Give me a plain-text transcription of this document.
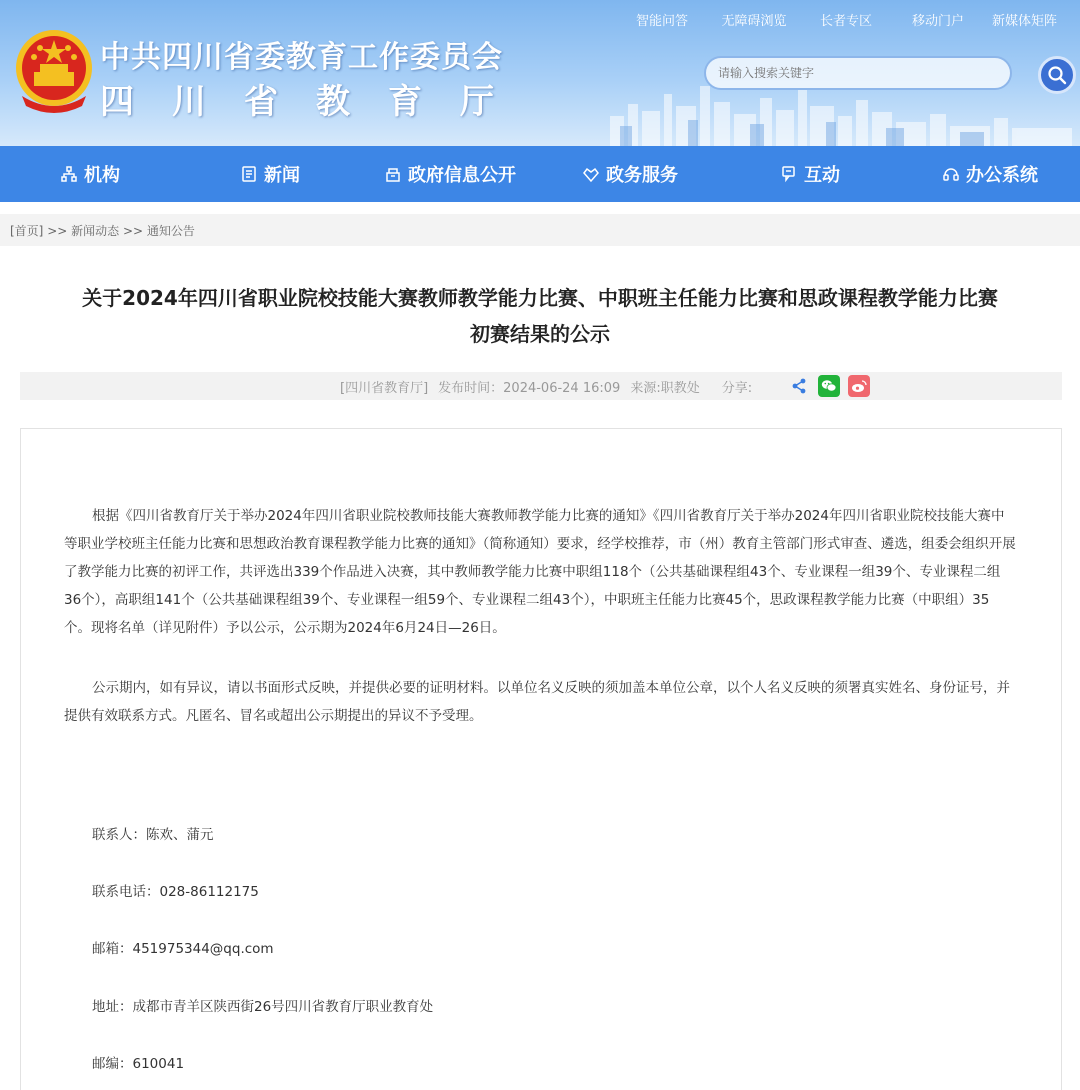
中共四川省委教育工作委员会
四川省教育厅
智能问答	无障碍浏览	长者专区	移动门户	新媒体矩阵
请输入搜索关键字
机构	新闻	政府信息公开	政务服务	互动	办公系统
[首页] >> 新闻动态 >> 通知公告
关于2024年四川省职业院校技能大赛教师教学能力比赛、中职班主任能力比赛和思政课程教学能力比赛
初赛结果的公示
[四川省教育厅] 发布时间：2024-06-24 16:09 来源:职教处 分享:
根据《四川省教育厅关于举办2024年四川省职业院校教师技能大赛教师教学能力比赛的通知》《四川省教育厅关于举办2024年四川省职业院校技能大赛中等职业学校班主任能力比赛和思想政治教育课程教学能力比赛的通知》（简称通知）要求，经学校推荐，市（州）教育主管部门形式审查、遴选，组委会组织开展了教学能力比赛的初评工作，共评选出339个作品进入决赛，其中教师教学能力比赛中职组118个（公共基础课程组43个、专业课程一组39个、专业课程二组36个），高职组141个（公共基础课程组39个、专业课程一组59个、专业课程二组43个），中职班主任能力比赛45个，思政课程教学能力比赛（中职组）35个。现将名单（详见附件）予以公示，公示期为2024年6月24日—26日。
公示期内，如有异议，请以书面形式反映，并提供必要的证明材料。以单位名义反映的须加盖本单位公章，以个人名义反映的须署真实姓名、身份证号，并提供有效联系方式。凡匿名、冒名或超出公示期提出的异议不予受理。
联系人：陈欢、蒲元
联系电话：028-86112175
邮箱：451975344@qq.com
地址：成都市青羊区陕西街26号四川省教育厅职业教育处
邮编：610041
